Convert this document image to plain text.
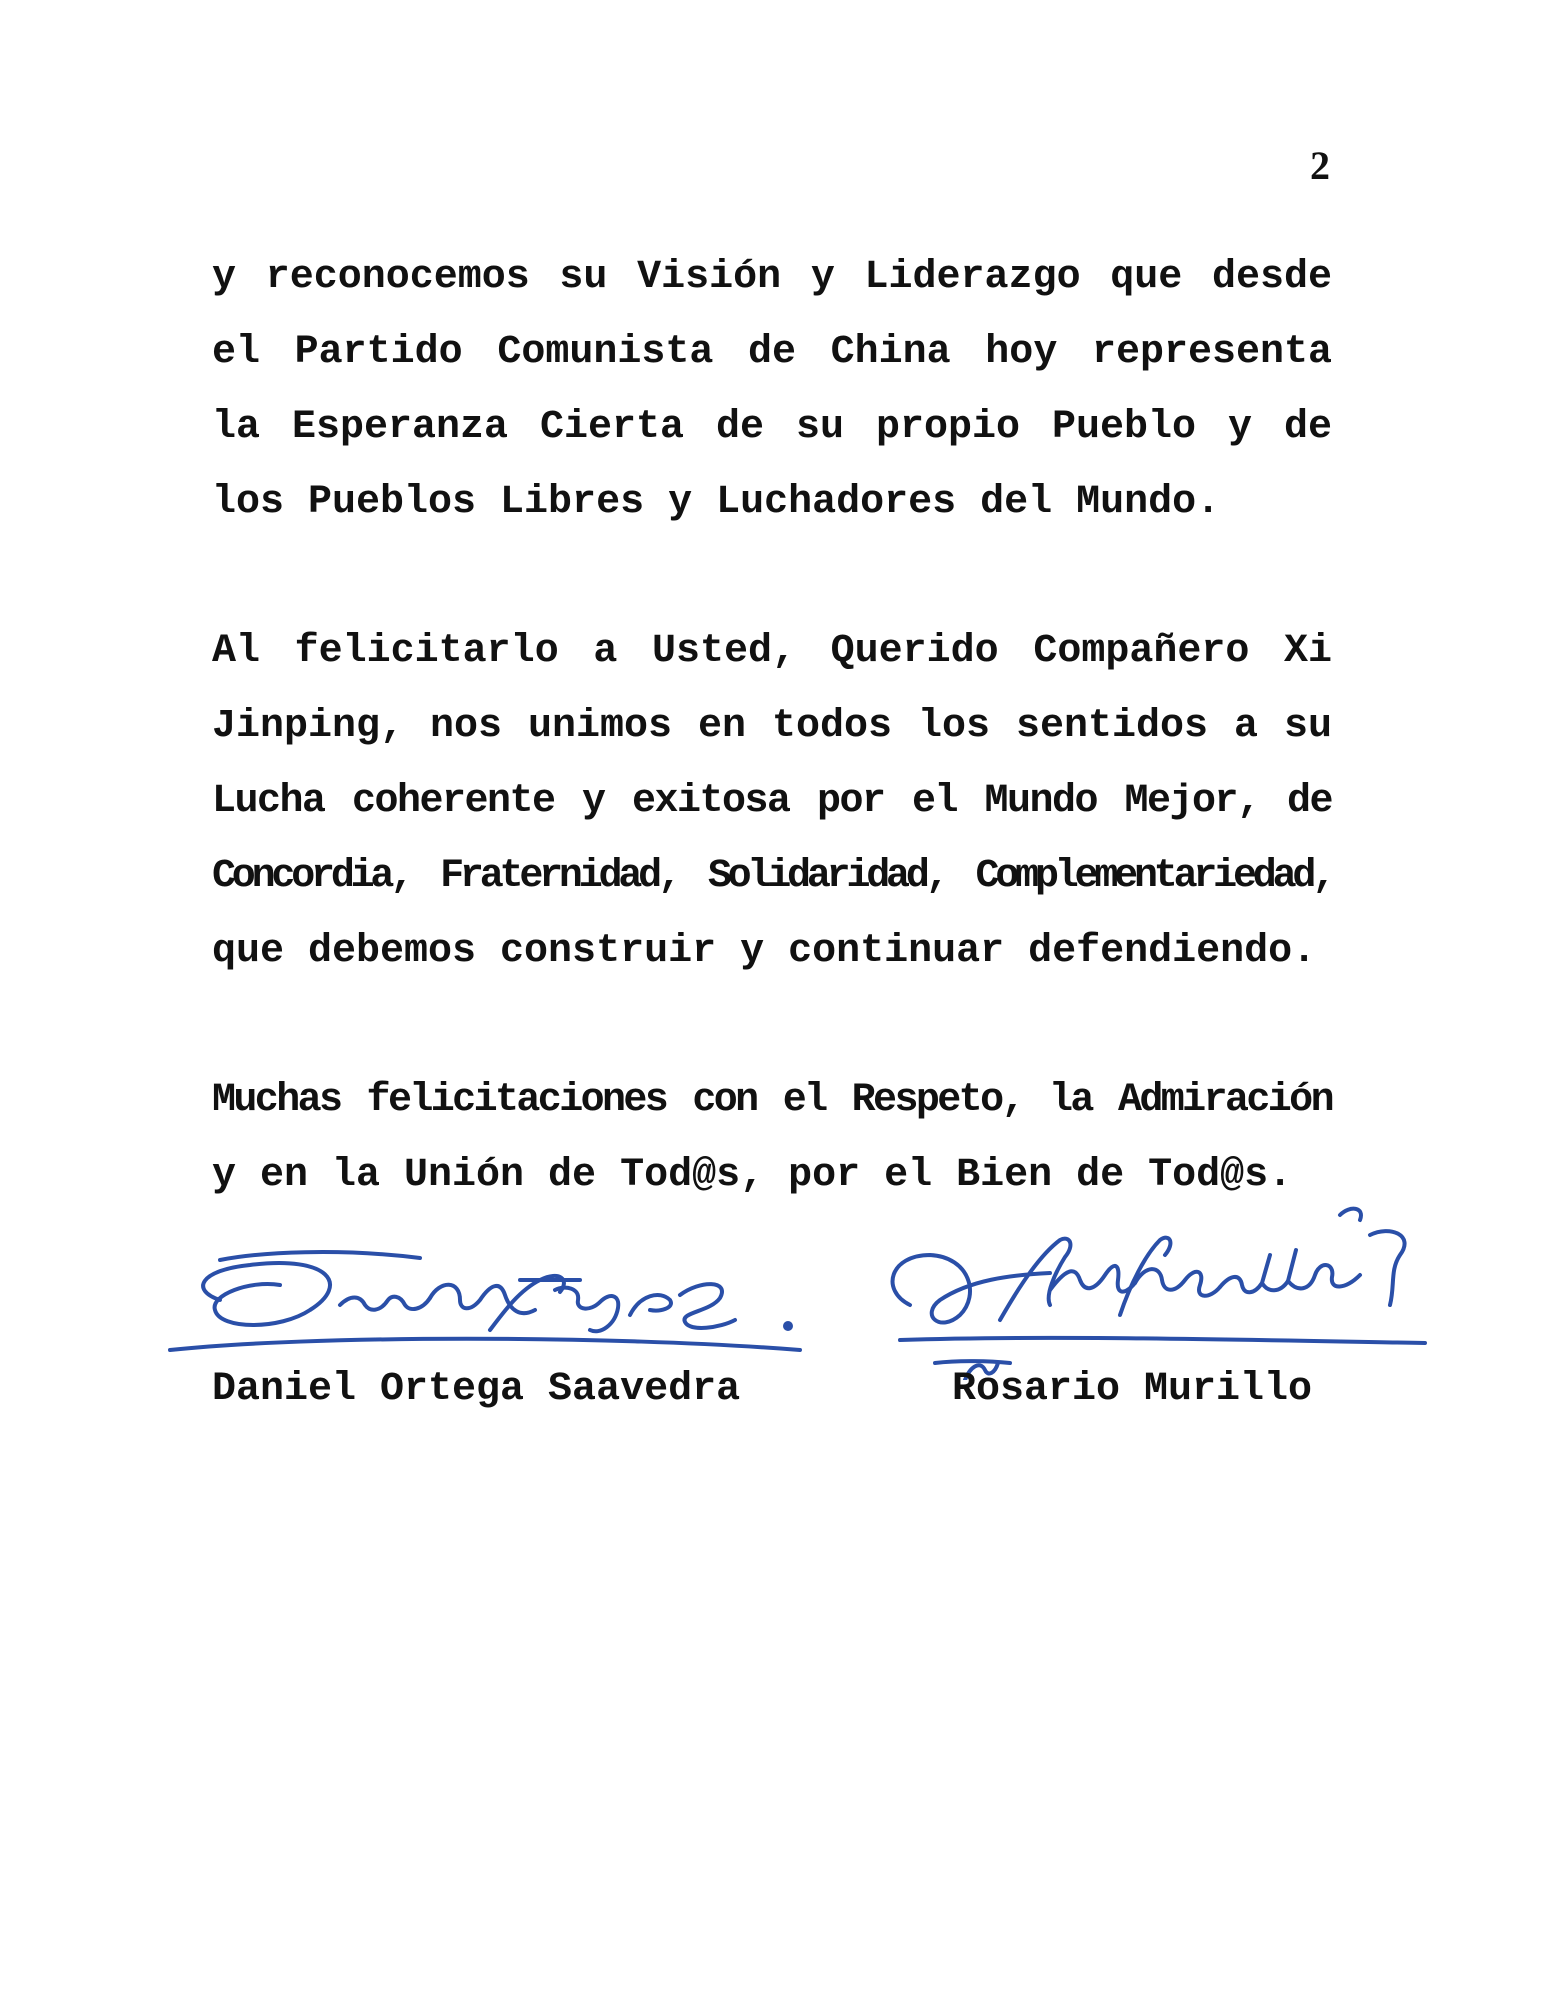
2

y reconocemos su Visión y Liderazgo que desde
el Partido Comunista de China hoy representa
la Esperanza Cierta de su propio Pueblo y de
los Pueblos Libres y Luchadores del Mundo.

Al felicitarlo a Usted, Querido Compañero Xi
Jinping, nos unimos en todos los sentidos a su
Lucha coherente y exitosa por el Mundo Mejor, de
Concordia, Fraternidad, Solidaridad, Complementariedad,
que debemos construir y continuar defendiendo.

Muchas felicitaciones con el Respeto, la Admiración
y en la Unión de Tod@s, por el Bien de Tod@s.

Daniel Ortega Saavedra	Rosario Murillo
